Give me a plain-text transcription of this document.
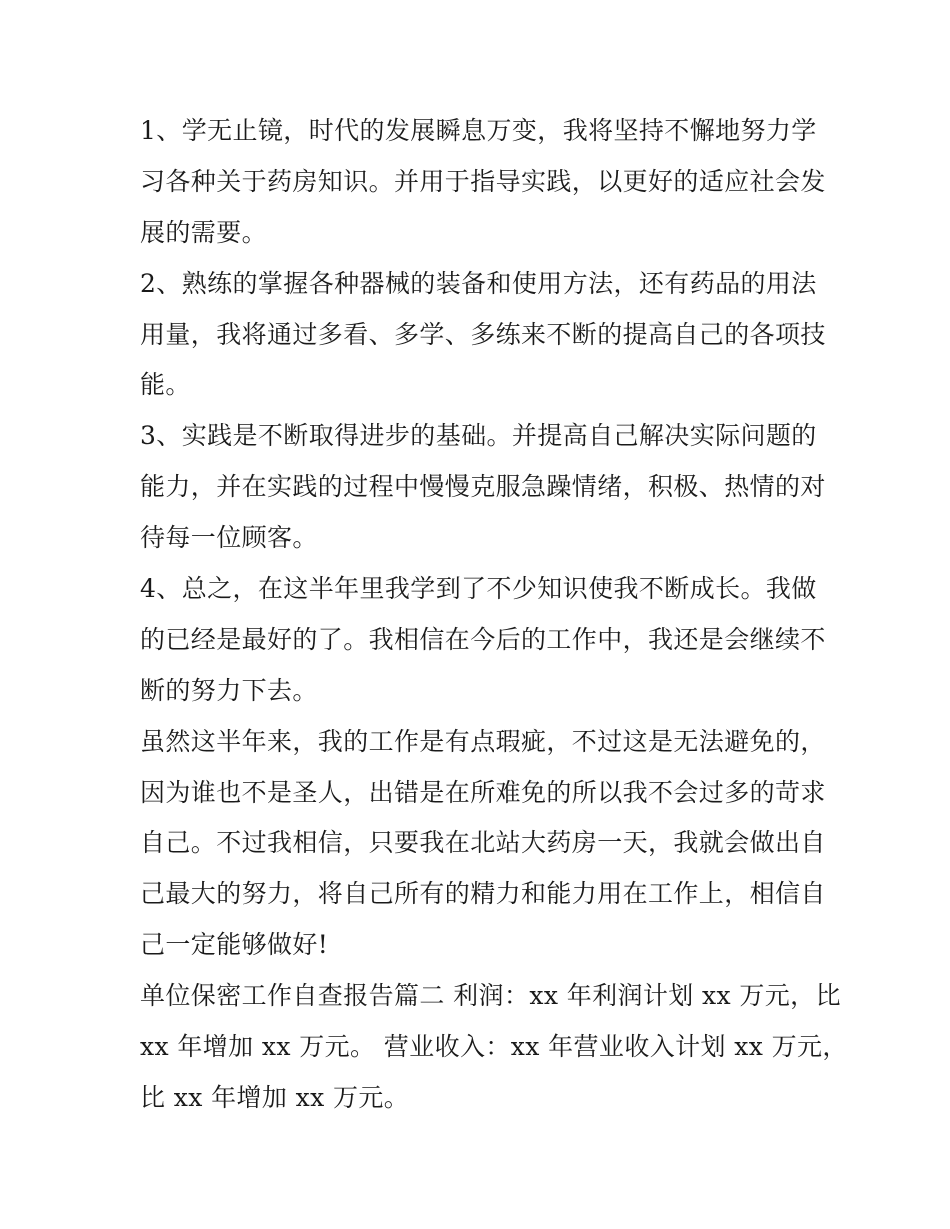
1、学无止镜，时代的发展瞬息万变，我将坚持不懈地努力学
习各种关于药房知识。并用于指导实践，以更好的适应社会发
展的需要。
2、熟练的掌握各种器械的装备和使用方法，还有药品的用法
用量，我将通过多看、多学、多练来不断的提高自己的各项技
能。
3、实践是不断取得进步的基础。并提高自己解决实际问题的
能力，并在实践的过程中慢慢克服急躁情绪，积极、热情的对
待每一位顾客。
4、总之，在这半年里我学到了不少知识使我不断成长。我做
的已经是最好的了。我相信在今后的工作中，我还是会继续不
断的努力下去。
虽然这半年来，我的工作是有点瑕疵，不过这是无法避免的，
因为谁也不是圣人，出错是在所难免的所以我不会过多的苛求
自己。不过我相信，只要我在北站大药房一天，我就会做出自
己最大的努力，将自己所有的精力和能力用在工作上，相信自
己一定能够做好!
单位保密工作自查报告篇二 利润：xx 年利润计划 xx 万元，比
xx 年增加 xx 万元。 营业收入：xx 年营业收入计划 xx 万元，
比 xx 年增加 xx 万元。
